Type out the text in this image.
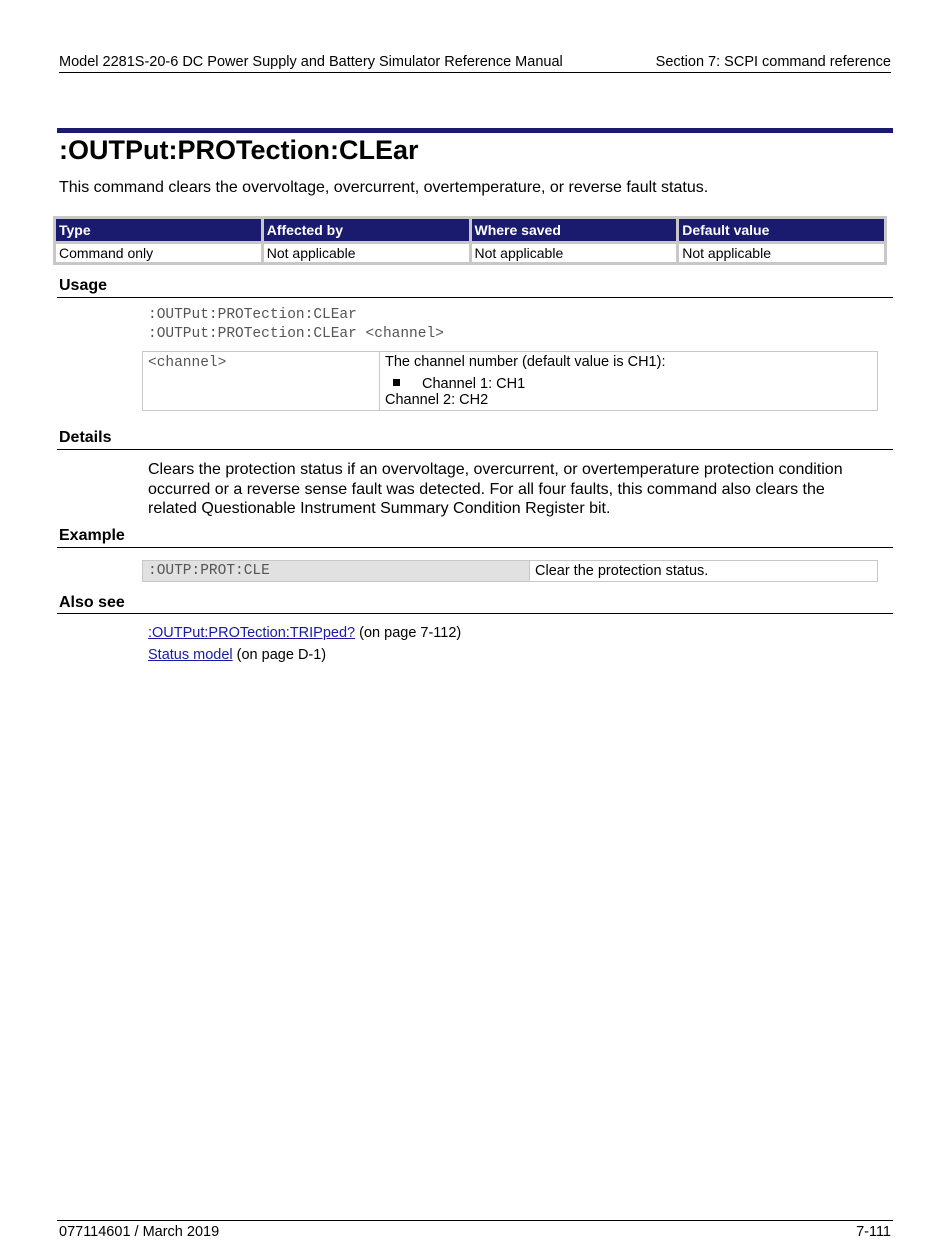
Model 2281S-20-6 DC Power Supply and Battery Simulator Reference Manual	Section 7: SCPI command reference
:OUTPut:PROTection:CLEar
This command clears the overvoltage, overcurrent, overtemperature, or reverse fault status.
Type	Affected by	Where saved	Default value
Command only	Not applicable	Not applicable	Not applicable
Usage
:OUTPut:PROTection:CLEar
:OUTPut:PROTection:CLEar <channel>
<channel>	The channel number (default value is CH1):
Channel 1: CH1
Channel 2: CH2
Details
Clears the protection status if an overvoltage, overcurrent, or overtemperature protection condition occurred or a reverse sense fault was detected. For all four faults, this command also clears the related Questionable Instrument Summary Condition Register bit.
Example
:OUTP:PROT:CLE	Clear the protection status.
Also see
:OUTPut:PROTection:TRIPped? (on page 7-112)
Status model (on page D-1)
077114601 / March 2019	7-111
